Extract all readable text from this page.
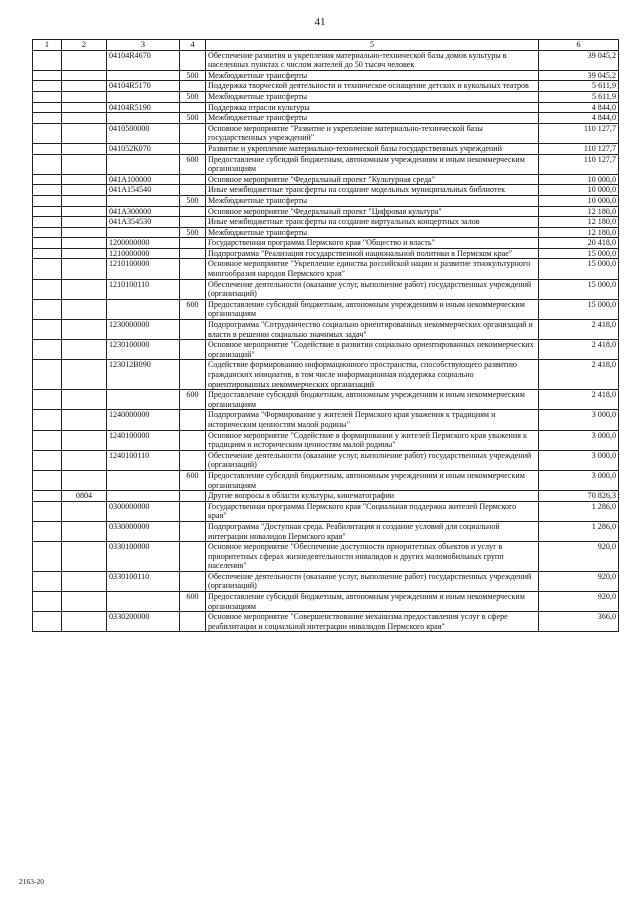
41
1	2	3	4	5	6
		04104R4670		Обеспечение развития и укрепления материально-технической базы домов культуры в населенных пунктах с числом жителей до 50 тысяч человек	39 045,2
			500	Межбюджетные трансферты	39 045,2
		04104R5170		Поддержка творческой деятельности и техническое оснащение детских и кукольных театров	5 611,9
			500	Межбюджетные трансферты	5 611,9
		04104R5190		Поддержка отрасли культуры	4 844,0
			500	Межбюджетные трансферты	4 844,0
		0410500000		Основное мероприятие "Развитие и укрепление материально-технической базы государственных учреждений"	110 127,7
		041052К070		Развитие и укрепление материально-технической базы государственных учреждений	110 127,7
			600	Предоставление субсидий бюджетным, автономным учреждениям и иным некоммерческим организациям	110 127,7
		041А100000		Основное мероприятие "Федеральный проект "Культурная среда"	10 000,0
		041А154540		Иные межбюджетные трансферты на создание модельных муниципальных библиотек	10 000,0
			500	Межбюджетные трансферты	10 000,0
		041А300000		Основное мероприятие "Федеральный проект "Цифровая культура"	12 180,0
		041А354530		Иные межбюджетные трансферты на создание виртуальных концертных залов	12 180,0
			500	Межбюджетные трансферты	12 180,0
		1200000000		Государственная программа Пермского края "Общество и власть"	20 418,0
		1210000000		Подпрограмма "Реализация государственной национальной политики в Пермском крае"	15 000,0
		1210100000		Основное мероприятие "Укрепление единства российской нации и развитие этнокультурного многообразия народов Пермского края"	15 000,0
		1210100110		Обеспечение деятельности (оказание услуг, выполнение работ) государственных учреждений (организаций)	15 000,0
			600	Предоставление субсидий бюджетным, автономным учреждениям и иным некоммерческим организациям	15 000,0
		1230000000		Подпрограмма "Сотрудничество социально ориентированных некоммерческих организаций и власти в решении социально значимых задач"	2 418,0
		1230100000		Основное мероприятие "Содействие в развитии социально ориентированных некоммерческих организаций"	2 418,0
		123012В090		Содействие формированию информационного пространства, способствующего развитию гражданских инициатив, в том числе информационная поддержка социально ориентированных некоммерческих организаций	2 418,0
			600	Предоставление субсидий бюджетным, автономным учреждениям и иным некоммерческим организациям	2 418,0
		1240000000		Подпрограмма "Формирование у жителей Пермского края уважения к традициям и историческим ценностям малой родины"	3 000,0
		1240100000		Основное мероприятие "Содействие в формировании у жителей Пермского края уважения к традициям и историческим ценностям малой родины"	3 000,0
		1240100110		Обеспечение деятельности (оказание услуг, выполнение работ) государственных учреждений (организаций)	3 000,0
			600	Предоставление субсидий бюджетным, автономным учреждениям и иным некоммерческим организациям	3 000,0
	0804			Другие вопросы в области культуры, кинематографии	70 826,3
		0300000000		Государственная программа Пермского края "Социальная поддержка жителей Пермского края"	1 286,0
		0330000000		Подпрограмма "Доступная среда. Реабилитация и создание условий для социальной интеграции инвалидов Пермского края"	1 286,0
		0330100000		Основное мероприятие "Обеспечение доступности приоритетных объектов и услуг в приоритетных сферах жизнедеятельности инвалидов и других маломобильных групп населения"	920,0
		0330100110		Обеспечение деятельности (оказание услуг, выполнение работ) государственных учреждений (организаций)	920,0
			600	Предоставление субсидий бюджетным, автономным учреждениям и иным некоммерческим организациям	920,0
		0330200000		Основное мероприятие "Совершенствование механизма предоставления услуг в сфере реабилитации и социальной интеграции инвалидов Пермского края"	366,0
2163-20
